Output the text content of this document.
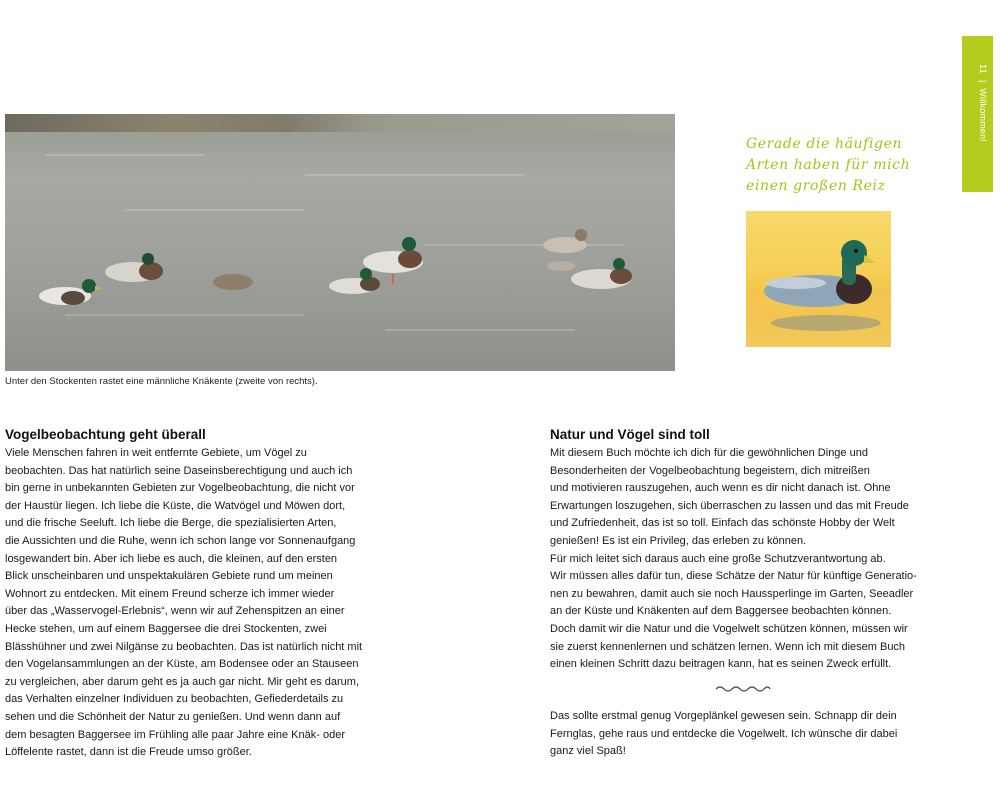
11|Willkommen!
Unter den Stockenten rastet eine männliche Knäkente (zweite von rechts).
Gerade die häufigen
Arten haben für mich
einen großen Reiz
Vogelbeobachtung geht überall

Viele Menschen fahren in weit entfernte Gebiete, um Vögel zu
beobachten. Das hat natürlich seine Daseinsberechtigung und auch ich
bin gerne in unbekannten Gebieten zur Vogelbeobachtung, die nicht vor
der Haustür liegen. Ich liebe die Küste, die Watvögel und Möwen dort,
und die frische Seeluft. Ich liebe die Berge, die spezialisierten Arten,
die Aussichten und die Ruhe, wenn ich schon lange vor Sonnenaufgang
losgewandert bin. Aber ich liebe es auch, die kleinen, auf den ersten
Blick unscheinbaren und unspektakulären Gebiete rund um meinen
Wohnort zu entdecken. Mit einem Freund scherze ich immer wieder
über das „Wasservogel-Erlebnis“, wenn wir auf Zehenspitzen an einer
Hecke stehen, um auf einem Baggersee die drei Stockenten, zwei
Blässhühner und zwei Nilgänse zu beobachten. Das ist natürlich nicht mit
den Vogelansammlungen an der Küste, am Bodensee oder an Stauseen
zu vergleichen, aber darum geht es ja auch gar nicht. Mir geht es darum,
das Verhalten einzelner Individuen zu beobachten, Gefiederdetails zu
sehen und die Schönheit der Natur zu genießen. Und wenn dann auf
dem besagten Baggersee im Frühling alle paar Jahre eine Knäk- oder
Löffelente rastet, dann ist die Freude umso größer.

Natur und Vögel sind toll

Mit diesem Buch möchte ich dich für die gewöhnlichen Dinge und
Besonderheiten der Vogelbeobachtung begeistern, dich mitreißen
und motivieren rauszugehen, auch wenn es dir nicht danach ist. Ohne
Erwartungen loszugehen, sich überraschen zu lassen und das mit Freude
und Zufriedenheit, das ist so toll. Einfach das schönste Hobby der Welt
genießen! Es ist ein Privileg, das erleben zu können.
Für mich leitet sich daraus auch eine große Schutzverantwortung ab.
Wir müssen alles dafür tun, diese Schätze der Natur für künftige Generatio-
nen zu bewahren, damit auch sie noch Haussperlinge im Garten, Seeadler
an der Küste und Knäkenten auf dem Baggersee beobachten können.
Doch damit wir die Natur und die Vogelwelt schützen können, müssen wir
sie zuerst kennenlernen und schätzen lernen. Wenn ich mit diesem Buch
einen kleinen Schritt dazu beitragen kann, hat es seinen Zweck erfüllt.

Das sollte erstmal genug Vorgeplänkel gewesen sein. Schnapp dir dein
Fernglas, gehe raus und entdecke die Vogelwelt. Ich wünsche dir dabei
ganz viel Spaß!
